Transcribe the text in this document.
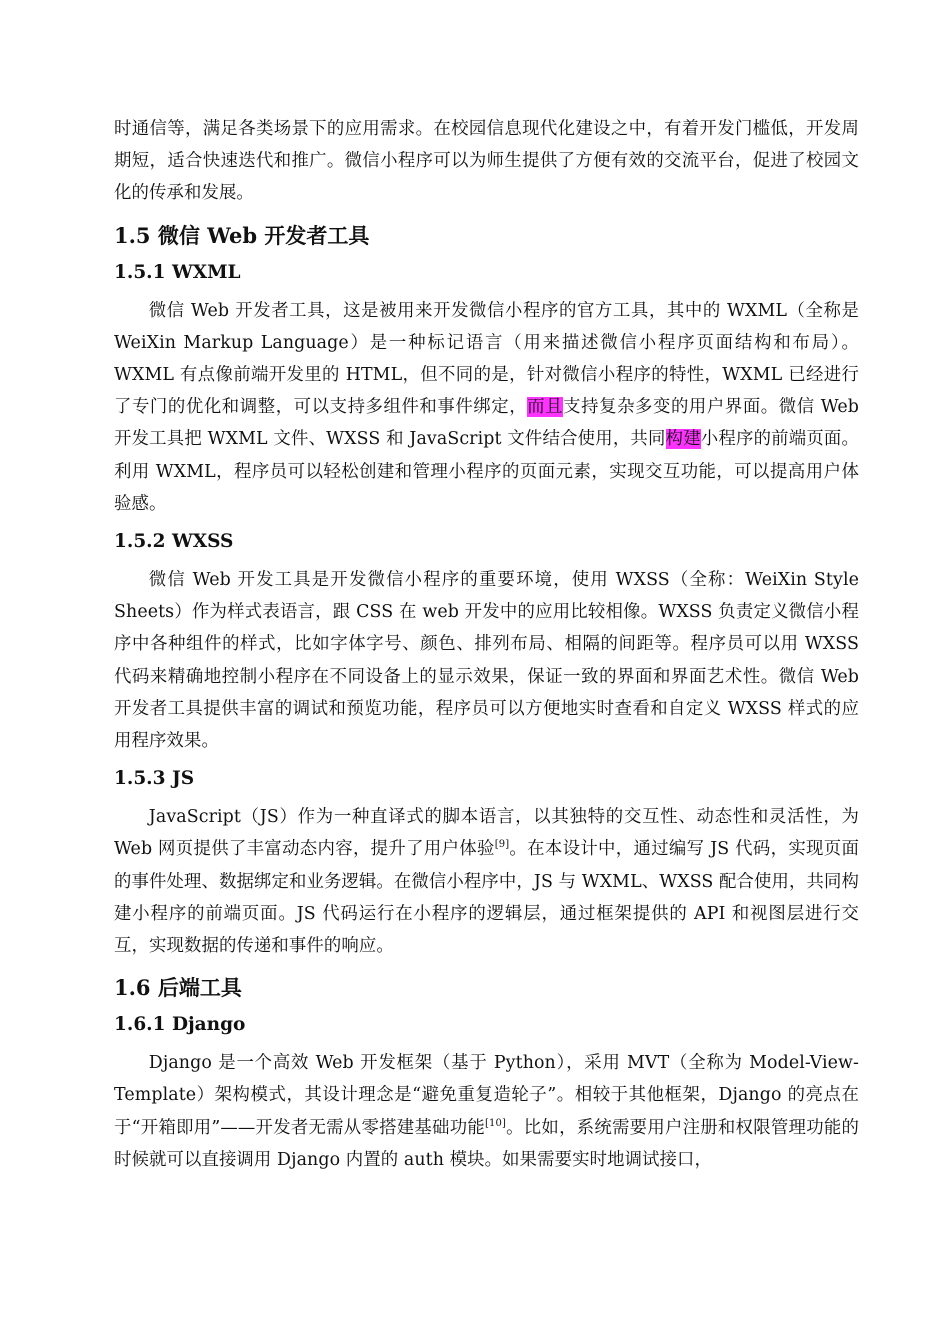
时通信等，满足各类场景下的应用需求。在校园信息现代化建设之中，有着开发门槛低，开发周期短，适合快速迭代和推广。微信小程序可以为师生提供了方便有效的交流平台，促进了校园文化的传承和发展。

1.5 微信 Web 开发者工具
1.5.1 WXML

微信 Web 开发者工具，这是被用来开发微信小程序的官方工具，其中的 WXML（全称是 WeiXin Markup Language）是一种标记语言（用来描述微信小程序页面结构和布局）。WXML 有点像前端开发里的 HTML，但不同的是，针对微信小程序的特性，WXML 已经进行了专门的优化和调整，可以支持多组件和事件绑定，而且支持复杂多变的用户界面。微信 Web 开发工具把 WXML 文件、WXSS 和 JavaScript 文件结合使用，共同构建小程序的前端页面。利用 WXML，程序员可以轻松创建和管理小程序的页面元素，实现交互功能，可以提高用户体验感。

1.5.2 WXSS

微信 Web 开发工具是开发微信小程序的重要环境，使用 WXSS（全称：WeiXin Style Sheets）作为样式表语言，跟 CSS 在 web 开发中的应用比较相像。WXSS 负责定义微信小程序中各种组件的样式，比如字体字号、颜色、排列布局、相隔的间距等。程序员可以用 WXSS 代码来精确地控制小程序在不同设备上的显示效果，保证一致的界面和界面艺术性。微信 Web 开发者工具提供丰富的调试和预览功能，程序员可以方便地实时查看和自定义 WXSS 样式的应用程序效果。

1.5.3 JS

JavaScript（JS）作为一种直译式的脚本语言，以其独特的交互性、动态性和灵活性，为 Web 网页提供了丰富动态内容，提升了用户体验[9]。在本设计中，通过编写 JS 代码，实现页面的事件处理、数据绑定和业务逻辑。在微信小程序中，JS 与 WXML、WXSS 配合使用，共同构建小程序的前端页面。JS 代码运行在小程序的逻辑层，通过框架提供的 API 和视图层进行交互，实现数据的传递和事件的响应。

1.6 后端工具
1.6.1 Django

Django 是一个高效 Web 开发框架（基于 Python），采用 MVT（全称为 Model-View-Template）架构模式，其设计理念是“避免重复造轮子”。相较于其他框架，Django 的亮点在于“开箱即用”——开发者无需从零搭建基础功能[10]。比如，系统需要用户注册和权限管理功能的时候就可以直接调用 Django 内置的 auth 模块。如果需要实时地调试接口，
